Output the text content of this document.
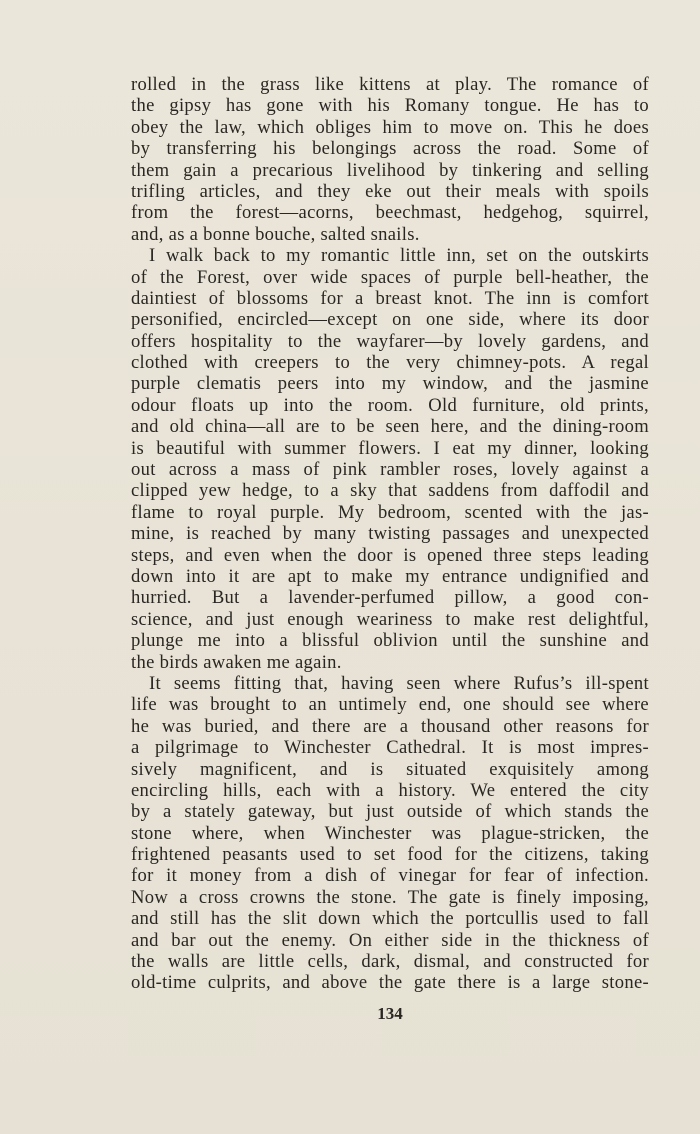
rolled in the grass like kittens at play. The romance of
the gipsy has gone with his Romany tongue. He has to
obey the law, which obliges him to move on. This he does
by transferring his belongings across the road. Some of
them gain a precarious livelihood by tinkering and selling
trifling articles, and they eke out their meals with spoils
from the forest—acorns, beechmast, hedgehog, squirrel,
and, as a bonne bouche, salted snails.
I walk back to my romantic little inn, set on the outskirts
of the Forest, over wide spaces of purple bell-heather, the
daintiest of blossoms for a breast knot. The inn is comfort
personified, encircled—except on one side, where its door
offers hospitality to the wayfarer—by lovely gardens, and
clothed with creepers to the very chimney-pots. A regal
purple clematis peers into my window, and the jasmine
odour floats up into the room. Old furniture, old prints,
and old china—all are to be seen here, and the dining-room
is beautiful with summer flowers. I eat my dinner, looking
out across a mass of pink rambler roses, lovely against a
clipped yew hedge, to a sky that saddens from daffodil and
flame to royal purple. My bedroom, scented with the jas-
mine, is reached by many twisting passages and unexpected
steps, and even when the door is opened three steps leading
down into it are apt to make my entrance undignified and
hurried. But a lavender-perfumed pillow, a good con-
science, and just enough weariness to make rest delightful,
plunge me into a blissful oblivion until the sunshine and
the birds awaken me again.
It seems fitting that, having seen where Rufus’s ill-spent
life was brought to an untimely end, one should see where
he was buried, and there are a thousand other reasons for
a pilgrimage to Winchester Cathedral. It is most impres-
sively magnificent, and is situated exquisitely among
encircling hills, each with a history. We entered the city
by a stately gateway, but just outside of which stands the
stone where, when Winchester was plague-stricken, the
frightened peasants used to set food for the citizens, taking
for it money from a dish of vinegar for fear of infection.
Now a cross crowns the stone. The gate is finely imposing,
and still has the slit down which the portcullis used to fall
and bar out the enemy. On either side in the thickness of
the walls are little cells, dark, dismal, and constructed for
old-time culprits, and above the gate there is a large stone-
134
